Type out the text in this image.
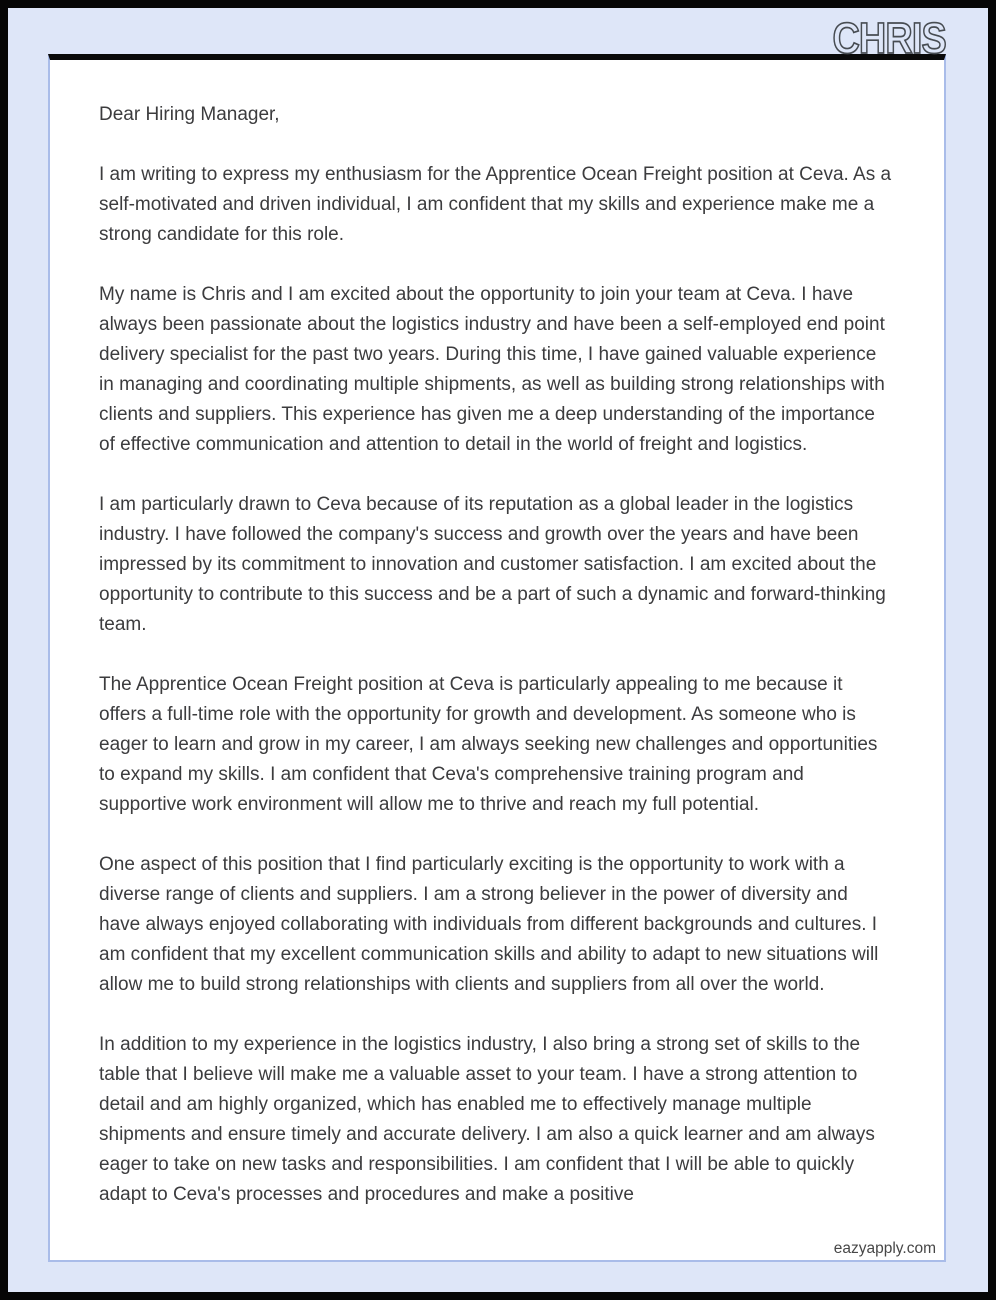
CHRIS

Dear Hiring Manager,

I am writing to express my enthusiasm for the Apprentice Ocean Freight position at Ceva. As a self-motivated and driven individual, I am confident that my skills and experience make me a strong candidate for this role.

My name is Chris and I am excited about the opportunity to join your team at Ceva. I have always been passionate about the logistics industry and have been a self-employed end point delivery specialist for the past two years. During this time, I have gained valuable experience in managing and coordinating multiple shipments, as well as building strong relationships with clients and suppliers. This experience has given me a deep understanding of the importance of effective communication and attention to detail in the world of freight and logistics.

I am particularly drawn to Ceva because of its reputation as a global leader in the logistics industry. I have followed the company's success and growth over the years and have been impressed by its commitment to innovation and customer satisfaction. I am excited about the opportunity to contribute to this success and be a part of such a dynamic and forward-thinking team.

The Apprentice Ocean Freight position at Ceva is particularly appealing to me because it offers a full-time role with the opportunity for growth and development. As someone who is eager to learn and grow in my career, I am always seeking new challenges and opportunities to expand my skills. I am confident that Ceva's comprehensive training program and supportive work environment will allow me to thrive and reach my full potential.

One aspect of this position that I find particularly exciting is the opportunity to work with a diverse range of clients and suppliers. I am a strong believer in the power of diversity and have always enjoyed collaborating with individuals from different backgrounds and cultures. I am confident that my excellent communication skills and ability to adapt to new situations will allow me to build strong relationships with clients and suppliers from all over the world.

In addition to my experience in the logistics industry, I also bring a strong set of skills to the table that I believe will make me a valuable asset to your team. I have a strong attention to detail and am highly organized, which has enabled me to effectively manage multiple shipments and ensure timely and accurate delivery. I am also a quick learner and am always eager to take on new tasks and responsibilities. I am confident that I will be able to quickly adapt to Ceva's processes and procedures and make a positive

eazyapply.com
